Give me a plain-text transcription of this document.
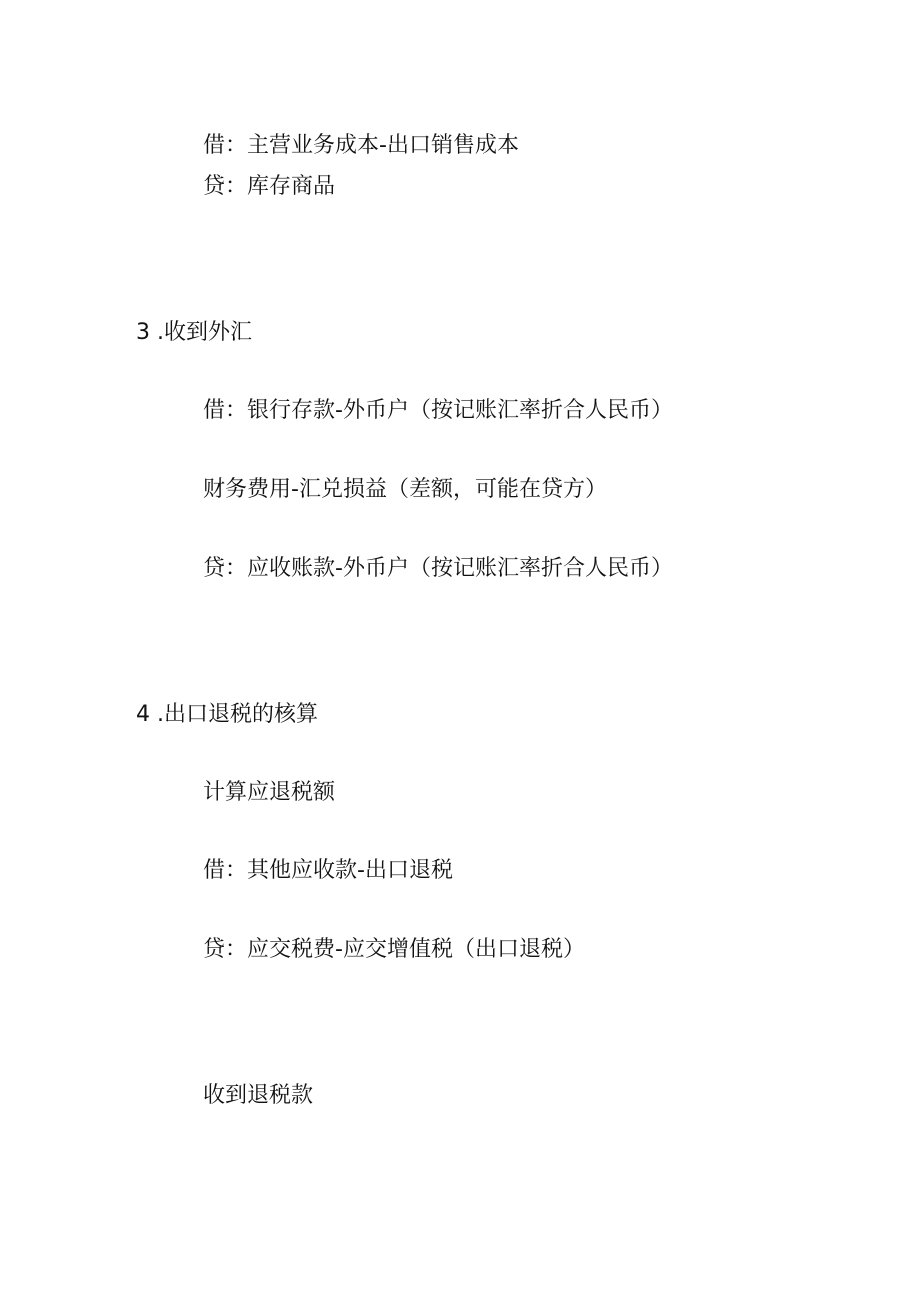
借：主营业务成本-出口销售成本
贷：库存商品
3 .收到外汇
借：银行存款-外币户（按记账汇率折合人民币）
财务费用-汇兑损益（差额，可能在贷方）
贷：应收账款-外币户（按记账汇率折合人民币）
4 .出口退税的核算
计算应退税额
借：其他应收款-出口退税
贷：应交税费-应交增值税（出口退税）
收到退税款
